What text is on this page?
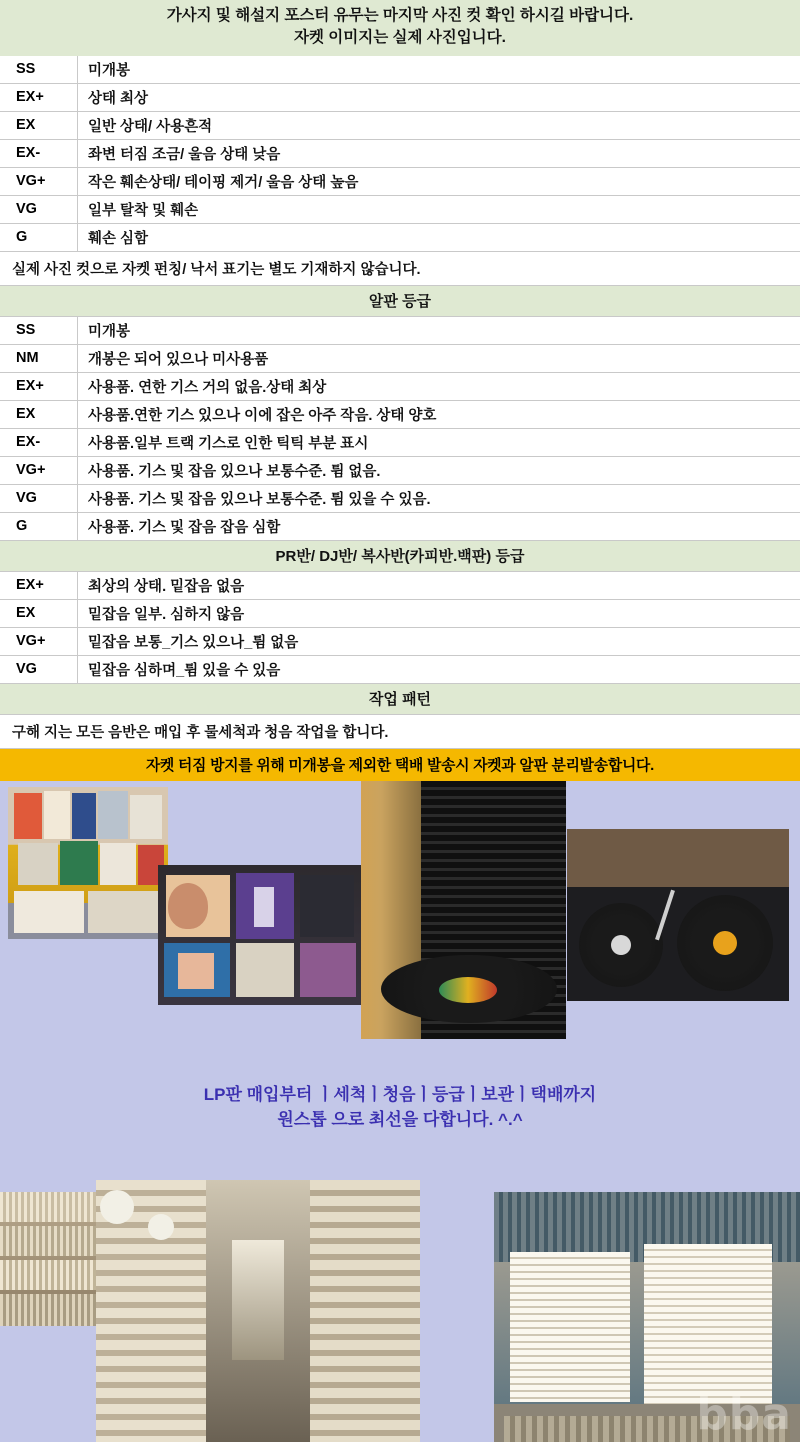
가사지 및 해설지 포스터 유무는 마지막 사진 컷 확인 하시길 바랍니다.
자켓 이미지는 실제 사진입니다.
SS	미개봉
EX+	상태 최상
EX	일반 상태/ 사용흔적
EX-	좌변 터짐 조금/ 울음 상태 낮음
VG+	작은 훼손상태/ 테이핑 제거/ 울음 상태 높음
VG	일부 탈착 및 훼손
G	훼손 심함
실제 사진 컷으로 자켓 펀칭/ 낙서 표기는 별도 기재하지 않습니다.
알판 등급
SS	미개봉
NM	개봉은 되어 있으나 미사용품
EX+	사용품. 연한 기스 거의 없음.상태 최상
EX	사용품.연한 기스 있으나 이에 잡은 아주 작음. 상태 양호
EX-	사용품.일부 트랙 기스로 인한 틱틱 부분 표시
VG+	사용품. 기스 및 잡음 있으나 보통수준. 튐 없음.
VG	사용품. 기스 및 잡음 있으나 보통수준. 튐 있을 수 있음.
G	사용품. 기스 및 잡음 잡음 심함
PR반/ DJ반/ 복사반(카피반.백판) 등급
EX+	최상의 상태. 밑잡음 없음
EX	밑잡음 일부. 심하지 않음
VG+	밑잡음 보통_기스 있으나_튐 없음
VG	밑잡음 심하며_튐 있을 수 있음
작업 패턴
구해 지는 모든 음반은 매입 후 물세척과 청음 작업을 합니다.
자켓 터짐 방지를 위해 미개봉을 제외한 택배 발송시 자켓과 알판 분리발송합니다.
LP판 매입부터 ㅣ세척ㅣ청음ㅣ등급ㅣ보관ㅣ택배까지
원스톱 으로 최선을 다합니다. ^.^
bba
